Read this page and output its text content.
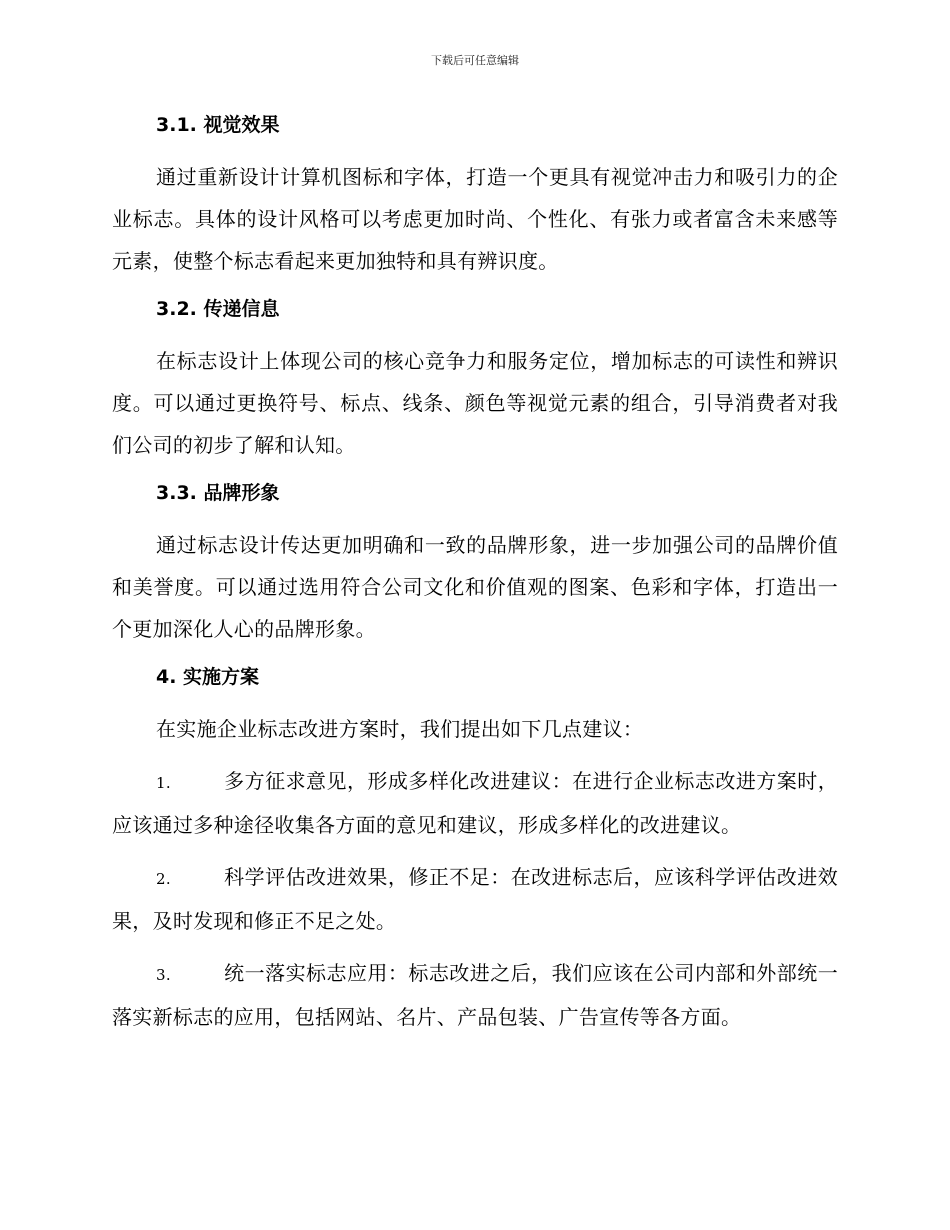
下载后可任意编辑
3.1. 视觉效果

通过重新设计计算机图标和字体，打造一个更具有视觉冲击力和吸引力的企业标志。具体的设计风格可以考虑更加时尚、个性化、有张力或者富含未来感等元素，使整个标志看起来更加独特和具有辨识度。

3.2. 传递信息

在标志设计上体现公司的核心竞争力和服务定位，增加标志的可读性和辨识度。可以通过更换符号、标点、线条、颜色等视觉元素的组合，引导消费者对我们公司的初步了解和认知。

3.3. 品牌形象

通过标志设计传达更加明确和一致的品牌形象，进一步加强公司的品牌价值和美誉度。可以通过选用符合公司文化和价值观的图案、色彩和字体，打造出一个更加深化人心的品牌形象。

4. 实施方案

在实施企业标志改进方案时，我们提出如下几点建议：

1.	多方征求意见，形成多样化改进建议：在进行企业标志改进方案时，应该通过多种途径收集各方面的意见和建议，形成多样化的改进建议。

2.	科学评估改进效果，修正不足：在改进标志后，应该科学评估改进效果，及时发现和修正不足之处。

3.	统一落实标志应用：标志改进之后，我们应该在公司内部和外部统一落实新标志的应用，包括网站、名片、产品包装、广告宣传等各方面。
